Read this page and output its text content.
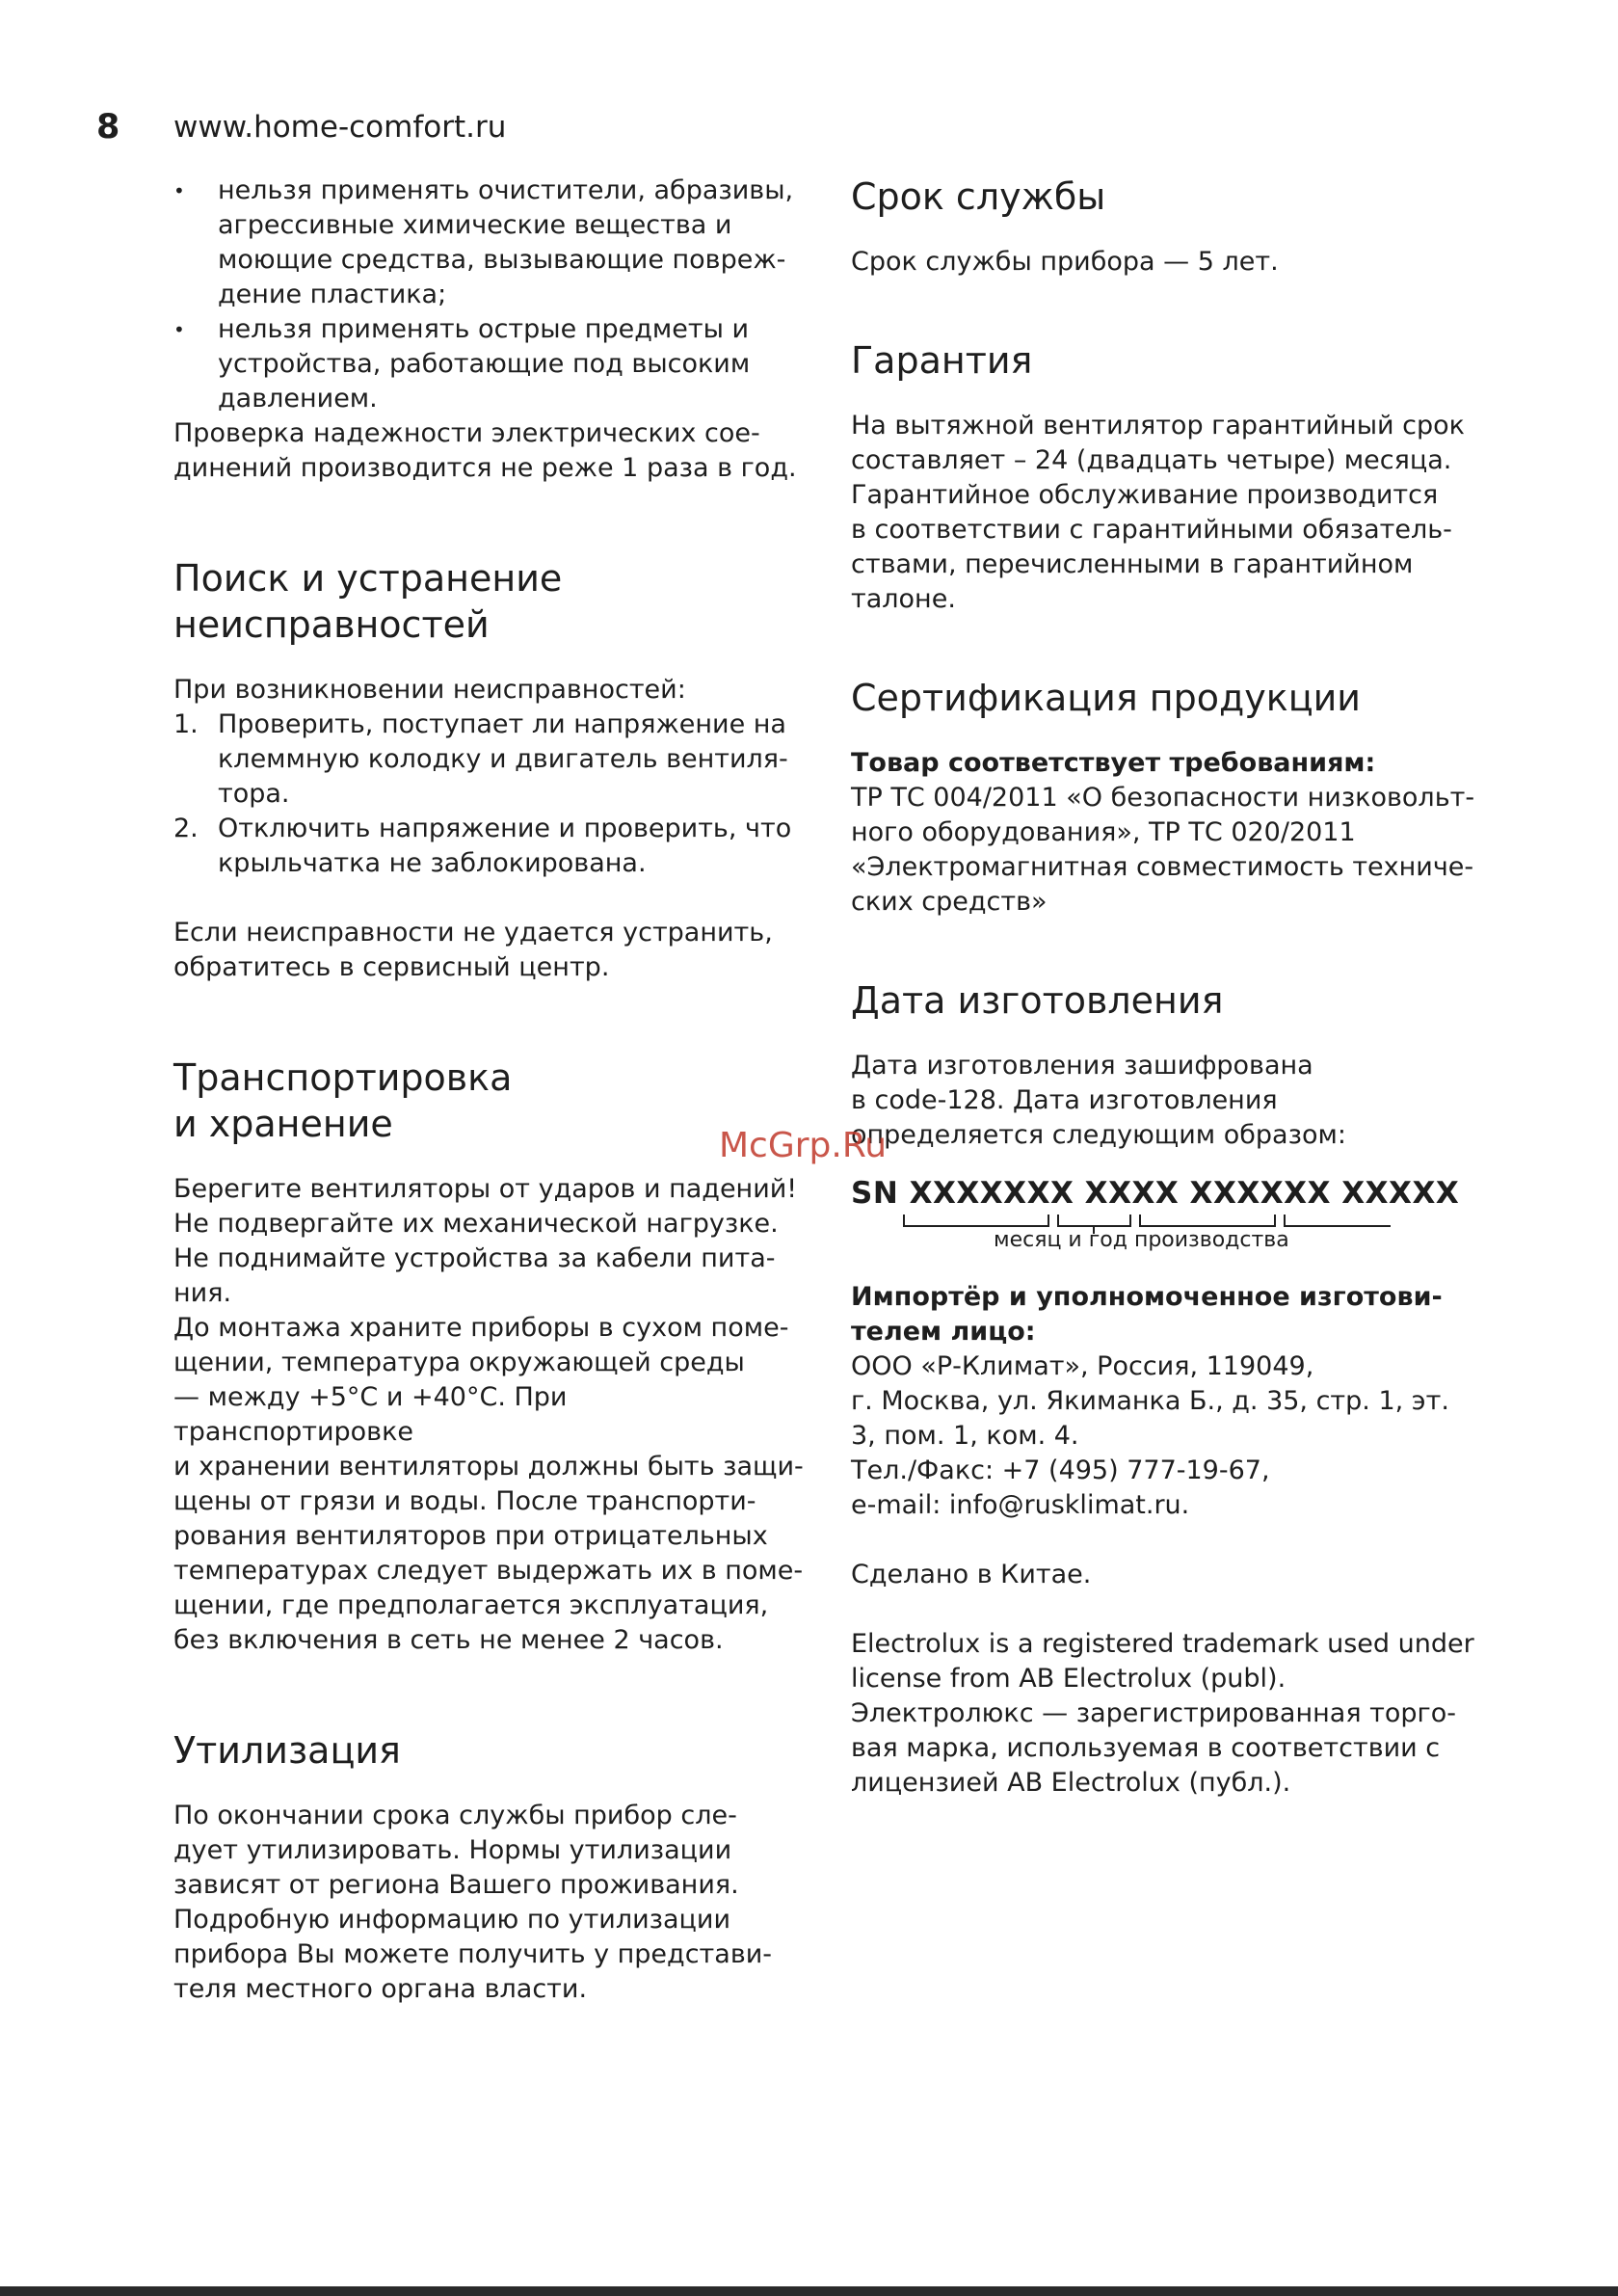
8 www.home-comfort.ru
• нельзя применять очистители, абразивы,
агрессивные химические вещества и
моющие средства, вызывающие повреж-
дение пластика;
• нельзя применять острые предметы и
устройства, работающие под высоким
давлением.

Проверка надежности электрических сое-
динений производится не реже 1 раза в год.

Поиск и устранение
неисправностей

При возникновении неисправностей:

1. Проверить, поступает ли напряжение на
клеммную колодку и двигатель вентиля-
тора.
2. Отключить напряжение и проверить, что
крыльчатка не заблокирована.

Если неисправности не удается устранить,
обратитесь в сервисный центр.

Транспортировка
и хранение

Берегите вентиляторы от ударов и падений!
Не подвергайте их механической нагрузке.
Не поднимайте устройства за кабели пита-
ния.
До монтажа храните приборы в сухом поме-
щении, температура окружающей среды
— между +5°С и +40°С. При транспортировке
и хранении вентиляторы должны быть защи-
щены от грязи и воды. После транспорти-
рования вентиляторов при отрицательных
температурах следует выдержать их в поме-
щении, где предполагается эксплуатация,
без включения в сеть не менее 2 часов.

Утилизация

По окончании срока службы прибор сле-
дует утилизировать. Нормы утилизации
зависят от региона Вашего проживания.
Подробную информацию по утилизации
прибора Вы можете получить у представи-
теля местного органа власти.

Срок службы

Срок службы прибора — 5 лет.

Гарантия

На вытяжной вентилятор гарантийный срок
составляет – 24 (двадцать четыре) месяца.
Гарантийное обслуживание производится
в соответствии с гарантийными обязатель-
ствами, перечисленными в гарантийном
талоне.

Сертификация продукции

Товар соответствует требованиям:

ТР ТС 004/2011 «О безопасности низковольт-
ного оборудования», ТР ТС 020/2011
«Электромагнитная совместимость техниче-
ских средств»

Дата изготовления

Дата изготовления зашифрована
в code-128. Дата изготовления
определяется следующим образом:

SN XXXXXXX XXXX XXXXXX XXXXX
месяц и год производства

Импортёр и уполномоченное изготови-
телем лицо:

ООО «Р-Климат», Россия, 119049,
г. Москва, ул. Якиманка Б., д. 35, стр. 1, эт.
3, пом. 1, ком. 4.
Тел./Факс: +7 (495) 777-19-67,
e-mail: info@rusklimat.ru.

Сделано в Китае.

Electrolux is a registered trademark used under
license from AB Electrolux (publ).
Электролюкс — зарегистрированная торго-
вая марка, используемая в соответствии с
лицензией AB Electrolux (публ.).

McGrp.Ru
